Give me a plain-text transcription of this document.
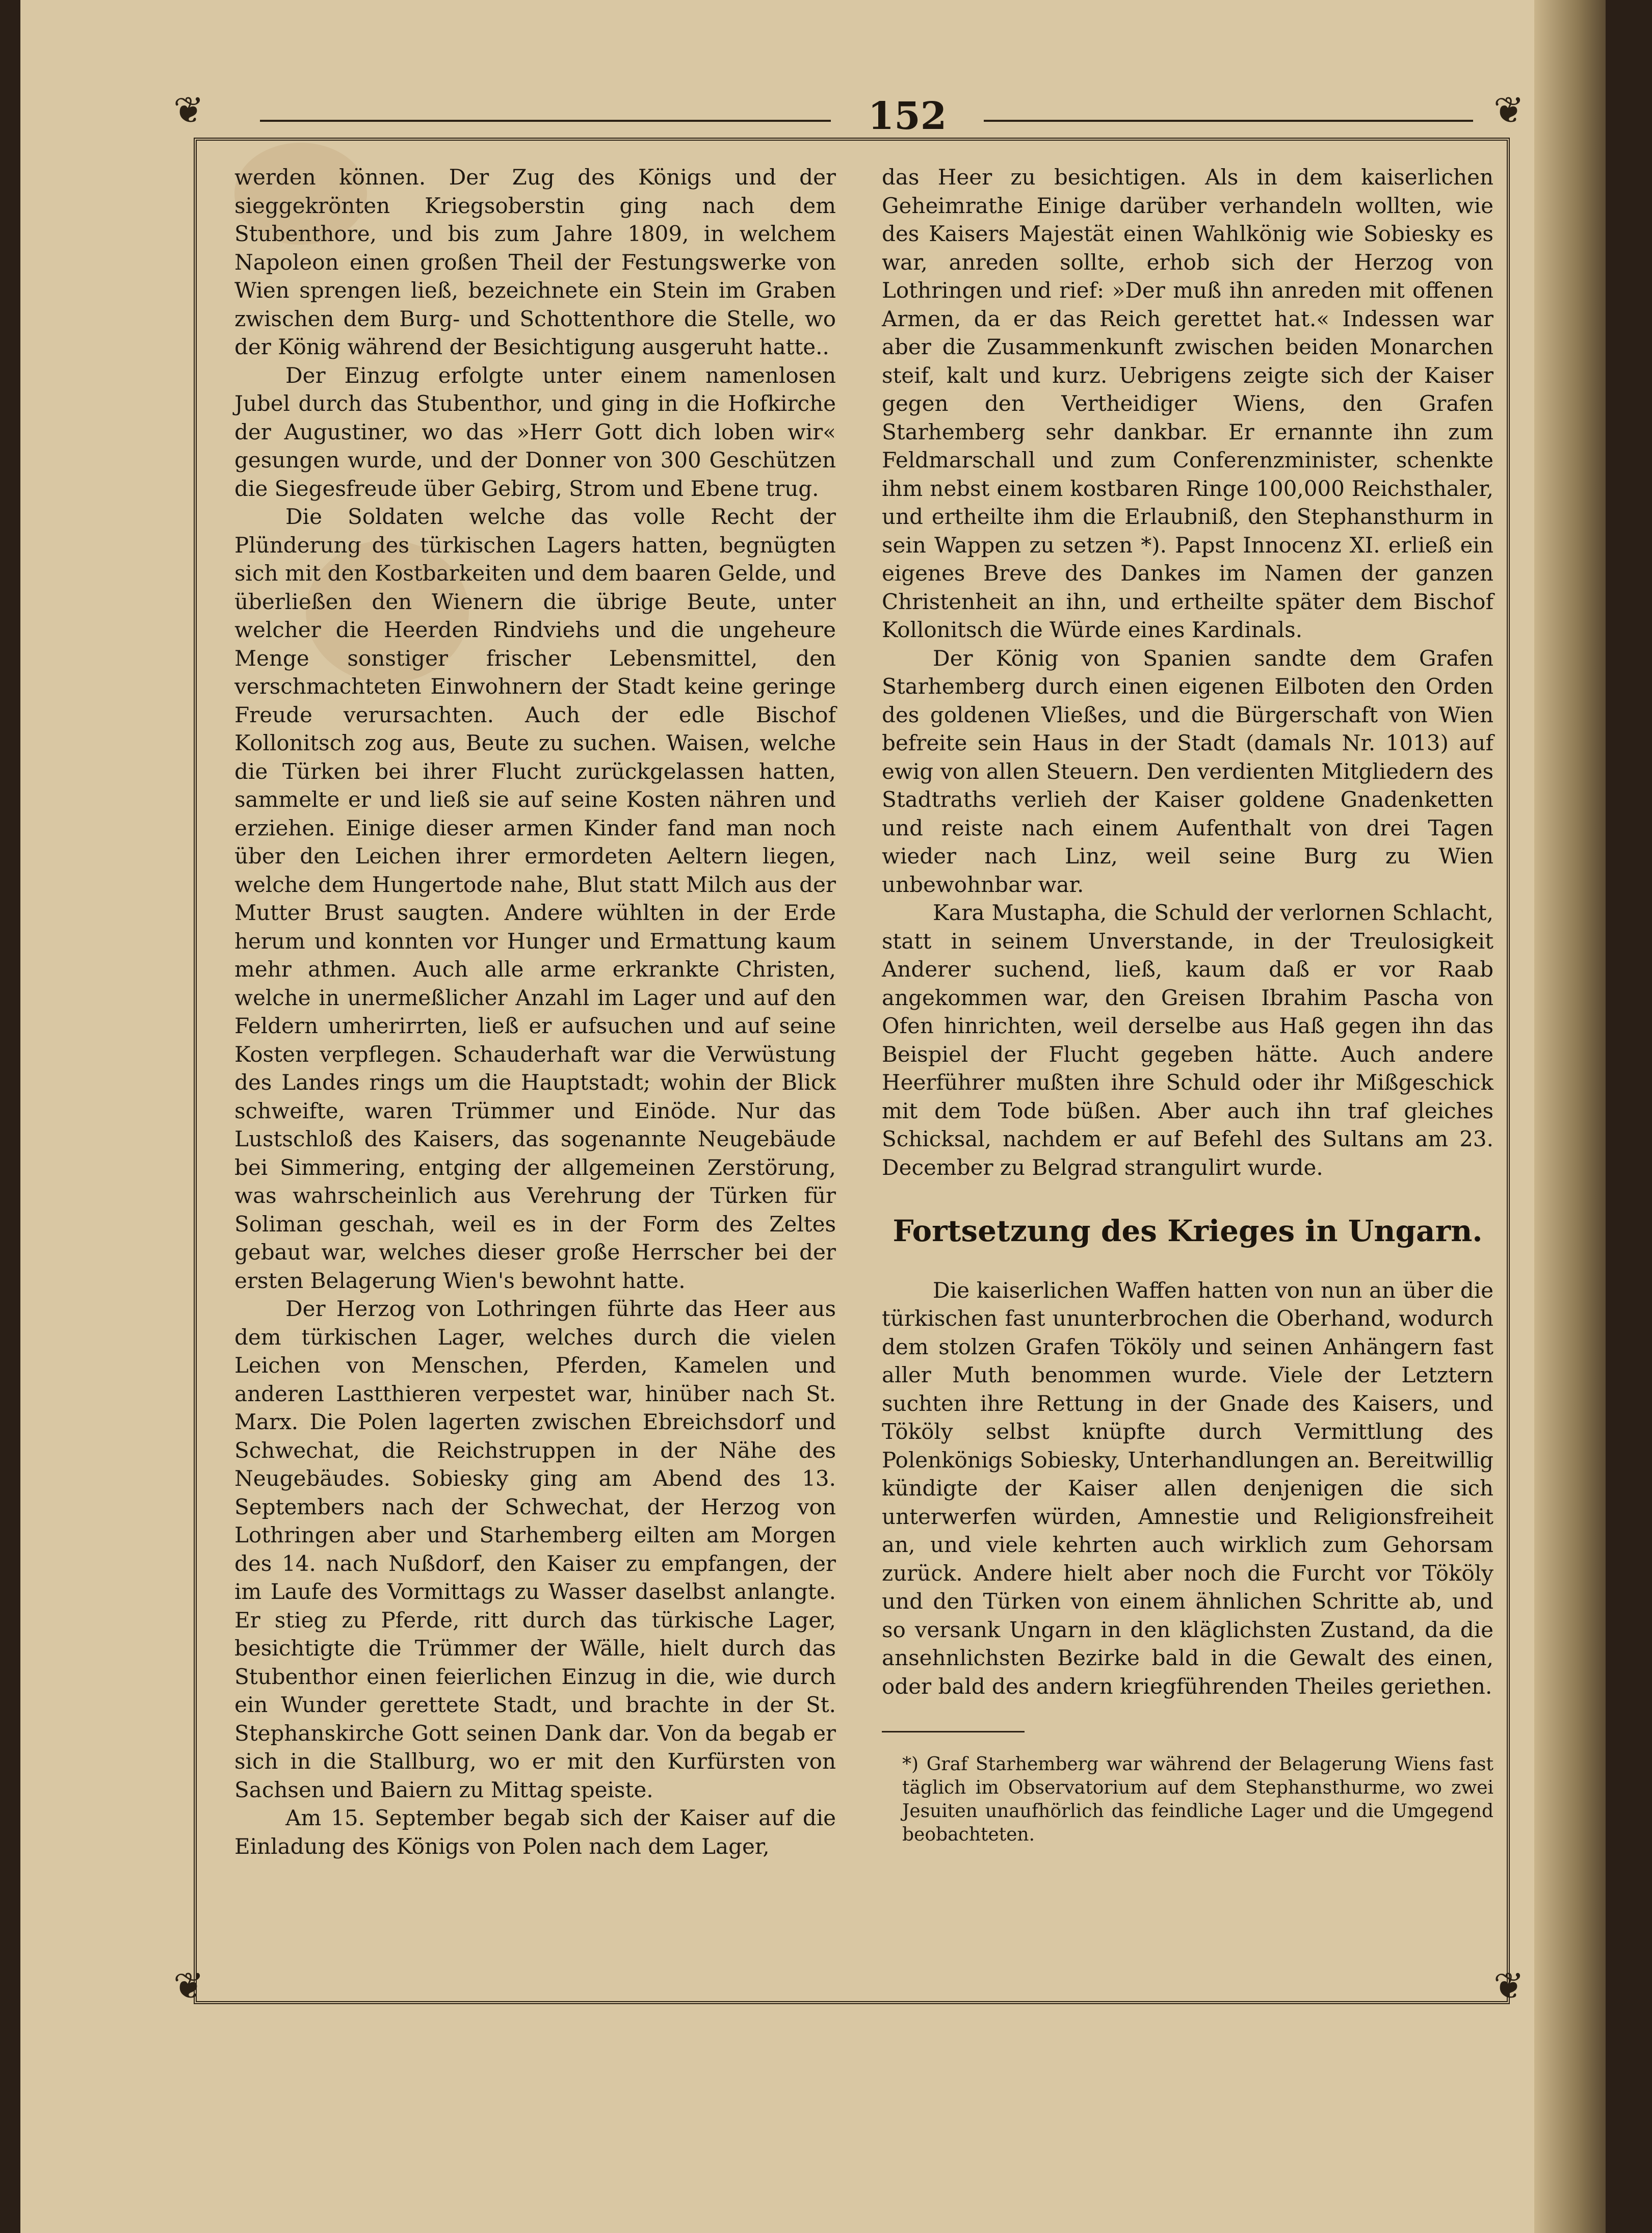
❦	❦
❦	❦
152

werden können. Der Zug des Königs und der sieggekrönten Kriegsoberstin ging nach dem Stubenthore, und bis zum Jahre 1809, in welchem Napoleon einen großen Theil der Festungswerke von Wien sprengen ließ, bezeichnete ein Stein im Graben zwischen dem Burg- und Schottenthore die Stelle, wo der König während der Besichtigung ausgeruht hatte..

Der Einzug erfolgte unter einem namenlosen Jubel durch das Stubenthor, und ging in die Hofkirche der Augustiner, wo das »Herr Gott dich loben wir« gesungen wurde, und der Donner von 300 Geschützen die Siegesfreude über Gebirg, Strom und Ebene trug.

Die Soldaten welche das volle Recht der Plünderung des türkischen Lagers hatten, begnügten sich mit den Kostbarkeiten und dem baaren Gelde, und überließen den Wienern die übrige Beute, unter welcher die Heerden Rindviehs und die ungeheure Menge sonstiger frischer Lebensmittel, den verschmachteten Einwohnern der Stadt keine geringe Freude verursachten. Auch der edle Bischof Kollonitsch zog aus, Beute zu suchen. Waisen, welche die Türken bei ihrer Flucht zurückgelassen hatten, sammelte er und ließ sie auf seine Kosten nähren und erziehen. Einige dieser armen Kinder fand man noch über den Leichen ihrer ermordeten Aeltern liegen, welche dem Hungertode nahe, Blut statt Milch aus der Mutter Brust saugten. Andere wühlten in der Erde herum und konnten vor Hunger und Ermattung kaum mehr athmen. Auch alle arme erkrankte Christen, welche in unermeßlicher Anzahl im Lager und auf den Feldern umherirrten, ließ er aufsuchen und auf seine Kosten verpflegen. Schauderhaft war die Verwüstung des Landes rings um die Hauptstadt; wohin der Blick schweifte, waren Trümmer und Einöde. Nur das Lustschloß des Kaisers, das sogenannte Neugebäude bei Simmering, entging der allgemeinen Zerstörung, was wahrscheinlich aus Verehrung der Türken für Soliman geschah, weil es in der Form des Zeltes gebaut war, welches dieser große Herrscher bei der ersten Belagerung Wien's bewohnt hatte.

Der Herzog von Lothringen führte das Heer aus dem türkischen Lager, welches durch die vielen Leichen von Menschen, Pferden, Kamelen und anderen Lastthieren verpestet war, hinüber nach St. Marx. Die Polen lagerten zwischen Ebreichsdorf und Schwechat, die Reichstruppen in der Nähe des Neugebäudes. Sobiesky ging am Abend des 13. Septembers nach der Schwechat, der Herzog von Lothringen aber und Starhemberg eilten am Morgen des 14. nach Nußdorf, den Kaiser zu empfangen, der im Laufe des Vormittags zu Wasser daselbst anlangte. Er stieg zu Pferde, ritt durch das türkische Lager, besichtigte die Trümmer der Wälle, hielt durch das Stubenthor einen feierlichen Einzug in die, wie durch ein Wunder gerettete Stadt, und brachte in der St. Stephanskirche Gott seinen Dank dar. Von da begab er sich in die Stallburg, wo er mit den Kurfürsten von Sachsen und Baiern zu Mittag speiste.

Am 15. September begab sich der Kaiser auf die Einladung des Königs von Polen nach dem Lager,

das Heer zu besichtigen. Als in dem kaiserlichen Geheimrathe Einige darüber verhandeln wollten, wie des Kaisers Majestät einen Wahlkönig wie Sobiesky es war, anreden sollte, erhob sich der Herzog von Lothringen und rief: »Der muß ihn anreden mit offenen Armen, da er das Reich gerettet hat.« Indessen war aber die Zusammenkunft zwischen beiden Monarchen steif, kalt und kurz. Uebrigens zeigte sich der Kaiser gegen den Vertheidiger Wiens, den Grafen Starhemberg sehr dankbar. Er ernannte ihn zum Feldmarschall und zum Conferenzminister, schenkte ihm nebst einem kostbaren Ringe 100,000 Reichsthaler, und ertheilte ihm die Erlaubniß, den Stephansthurm in sein Wappen zu setzen *). Papst Innocenz XI. erließ ein eigenes Breve des Dankes im Namen der ganzen Christenheit an ihn, und ertheilte später dem Bischof Kollonitsch die Würde eines Kardinals.

Der König von Spanien sandte dem Grafen Starhemberg durch einen eigenen Eilboten den Orden des goldenen Vließes, und die Bürgerschaft von Wien befreite sein Haus in der Stadt (damals Nr. 1013) auf ewig von allen Steuern. Den verdienten Mitgliedern des Stadtraths verlieh der Kaiser goldene Gnadenketten und reiste nach einem Aufenthalt von drei Tagen wieder nach Linz, weil seine Burg zu Wien unbewohnbar war.

Kara Mustapha, die Schuld der verlornen Schlacht, statt in seinem Unverstande, in der Treulosigkeit Anderer suchend, ließ, kaum daß er vor Raab angekommen war, den Greisen Ibrahim Pascha von Ofen hinrichten, weil derselbe aus Haß gegen ihn das Beispiel der Flucht gegeben hätte. Auch andere Heerführer mußten ihre Schuld oder ihr Mißgeschick mit dem Tode büßen. Aber auch ihn traf gleiches Schicksal, nachdem er auf Befehl des Sultans am 23. December zu Belgrad strangulirt wurde.

Fortsetzung des Krieges in Ungarn.

Die kaiserlichen Waffen hatten von nun an über die türkischen fast ununterbrochen die Oberhand, wodurch dem stolzen Grafen Tököly und seinen Anhängern fast aller Muth benommen wurde. Viele der Letztern suchten ihre Rettung in der Gnade des Kaisers, und Tököly selbst knüpfte durch Vermittlung des Polenkönigs Sobiesky, Unterhandlungen an. Bereitwillig kündigte der Kaiser allen denjenigen die sich unterwerfen würden, Amnestie und Religionsfreiheit an, und viele kehrten auch wirklich zum Gehorsam zurück. Andere hielt aber noch die Furcht vor Tököly und den Türken von einem ähnlichen Schritte ab, und so versank Ungarn in den kläglichsten Zustand, da die ansehnlichsten Bezirke bald in die Gewalt des einen, oder bald des andern kriegführenden Theiles geriethen.

*) Graf Starhemberg war während der Belagerung Wiens fast täglich im Observatorium auf dem Stephansthurme, wo zwei Jesuiten unaufhörlich das feindliche Lager und die Umgegend beobachteten.
